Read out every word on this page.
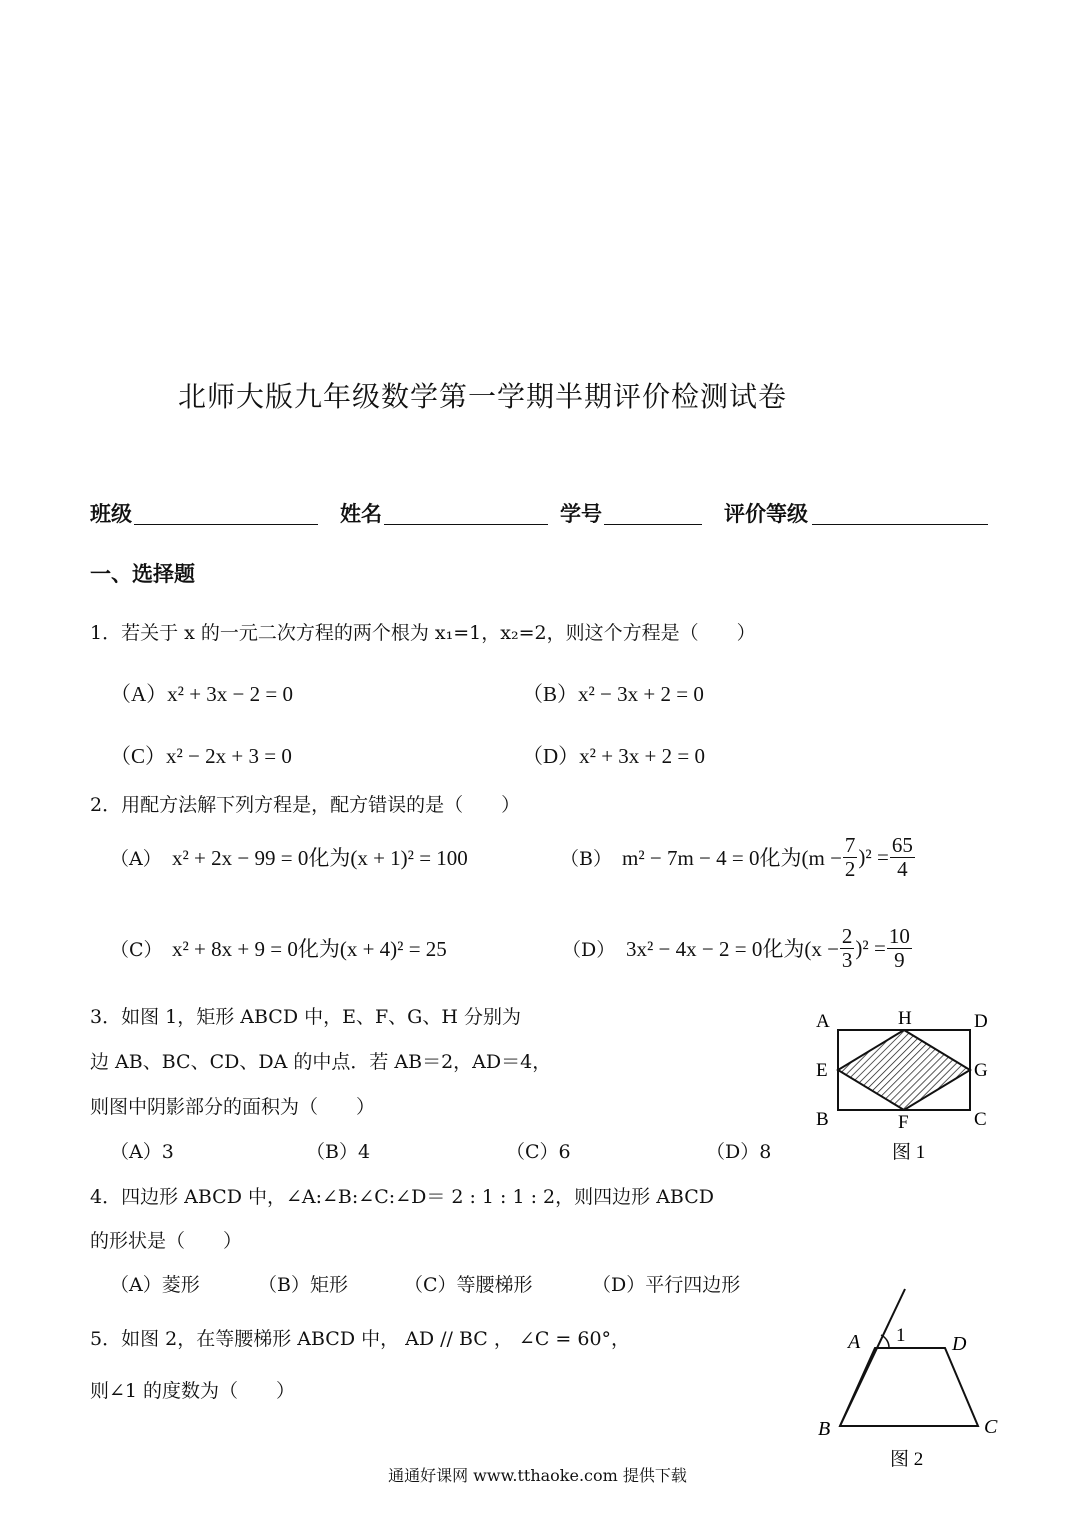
北师大版九年级数学第一学期半期评价检测试卷
班级	姓名	学号	评价等级
一、选择题
1．若关于 x 的一元二次方程的两个根为 x₁=1，x₂=2，则这个方程是（　　）
（A）x² + 3x − 2 = 0	（B）x² − 3x + 2 = 0
（C）x² − 2x + 3 = 0	（D）x² + 3x + 2 = 0
2．用配方法解下列方程是，配方错误的是（　　）
（A） x² + 2x − 99 = 0化为(x + 1)² = 100	（B） m² − 7m − 4 = 0化为$(m - \frac{7}{2} )^2 = \frac{65}{4}$
（C） x² + 8x + 9 = 0化为(x + 4)² = 25	（D） 3x² − 4x − 2 = 0化为$(x - \frac{2}{3} )^2 = \frac{10}{9}$
3．如图 1，矩形 ABCD 中，E、F、G、H 分别为
边 AB、BC、CD、DA 的中点．若 AB＝2，AD＝4，
则图中阴影部分的面积为（　　）
（A）3	（B）4	（C）6	（D）8
A	H	D
E	G
B	F	C
图 1
4．四边形 ABCD 中，∠A:∠B:∠C:∠D＝ 2 : 1 : 1 : 2，则四边形 ABCD
的形状是（　　）
（A）菱形	（B）矩形	（C）等腰梯形	（D）平行四边形
5．如图 2，在等腰梯形 ABCD 中， AD // BC ， ∠C = 60°，
则∠1 的度数为（　　）
A 1 D
B	C
图 2
通通好课网 www.tthaoke.com 提供下载
